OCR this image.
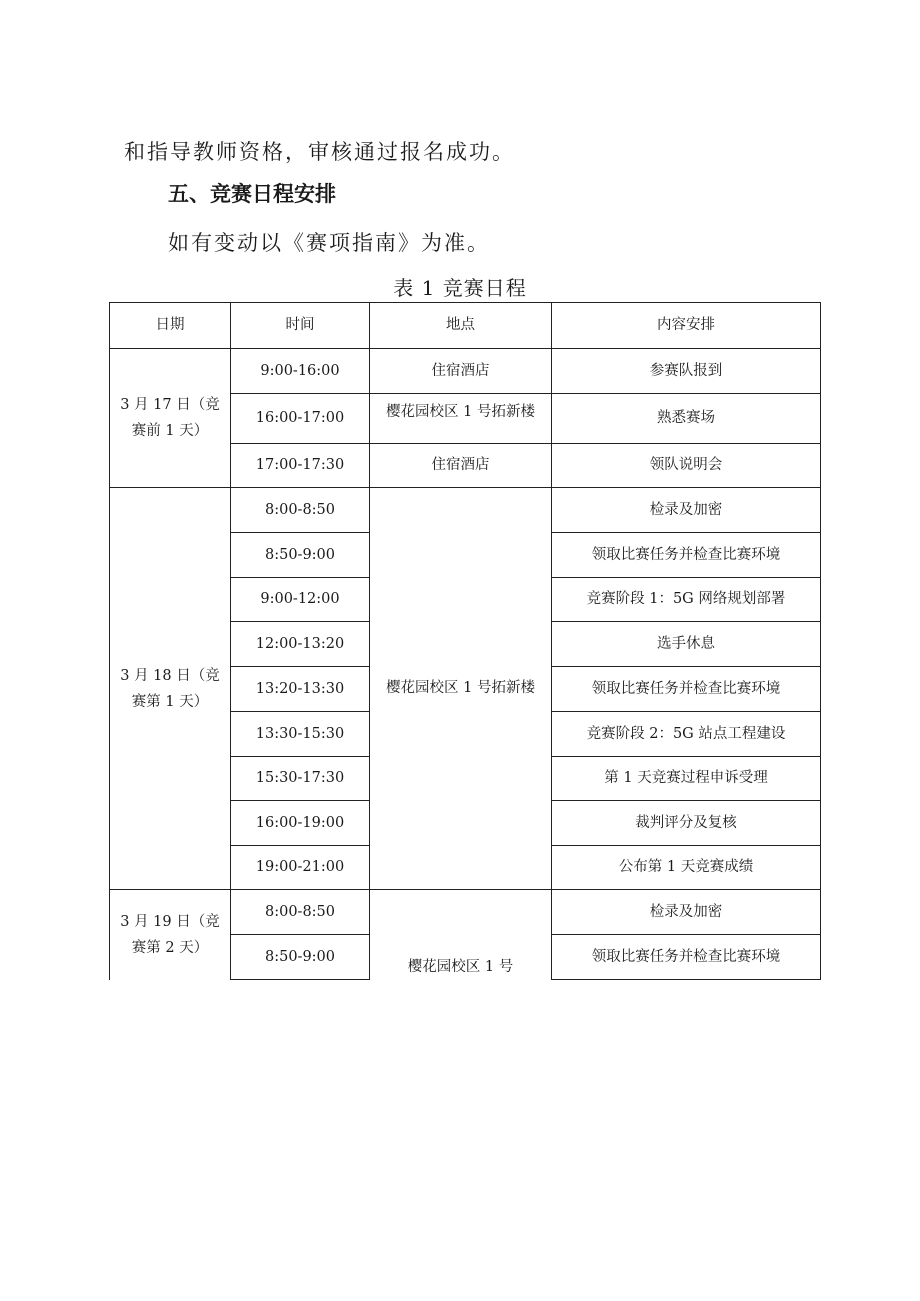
和指导教师资格，审核通过报名成功。
五、竞赛日程安排
如有变动以《赛项指南》为准。
表 1 竞赛日程
日期	时间	地点	内容安排
3 月 17 日（竞赛前 1 天）	9:00-16:00	住宿酒店	参赛队报到
	16:00-17:00	樱花园校区 1 号拓新楼	熟悉赛场
	17:00-17:30	住宿酒店	领队说明会
3 月 18 日（竞赛第 1 天）	8:00-8:50	樱花园校区 1 号拓新楼	检录及加密
	8:50-9:00		领取比赛任务并检查比赛环境
	9:00-12:00		竞赛阶段 1：5G 网络规划部署
	12:00-13:20		选手休息
	13:20-13:30		领取比赛任务并检查比赛环境
	13:30-15:30		竞赛阶段 2：5G 站点工程建设
	15:30-17:30		第 1 天竞赛过程申诉受理
	16:00-19:00		裁判评分及复核
	19:00-21:00		公布第 1 天竞赛成绩
3 月 19 日（竞赛第 2 天）	8:00-8:50	樱花园校区 1 号	检录及加密
	8:50-9:00		领取比赛任务并检查比赛环境
